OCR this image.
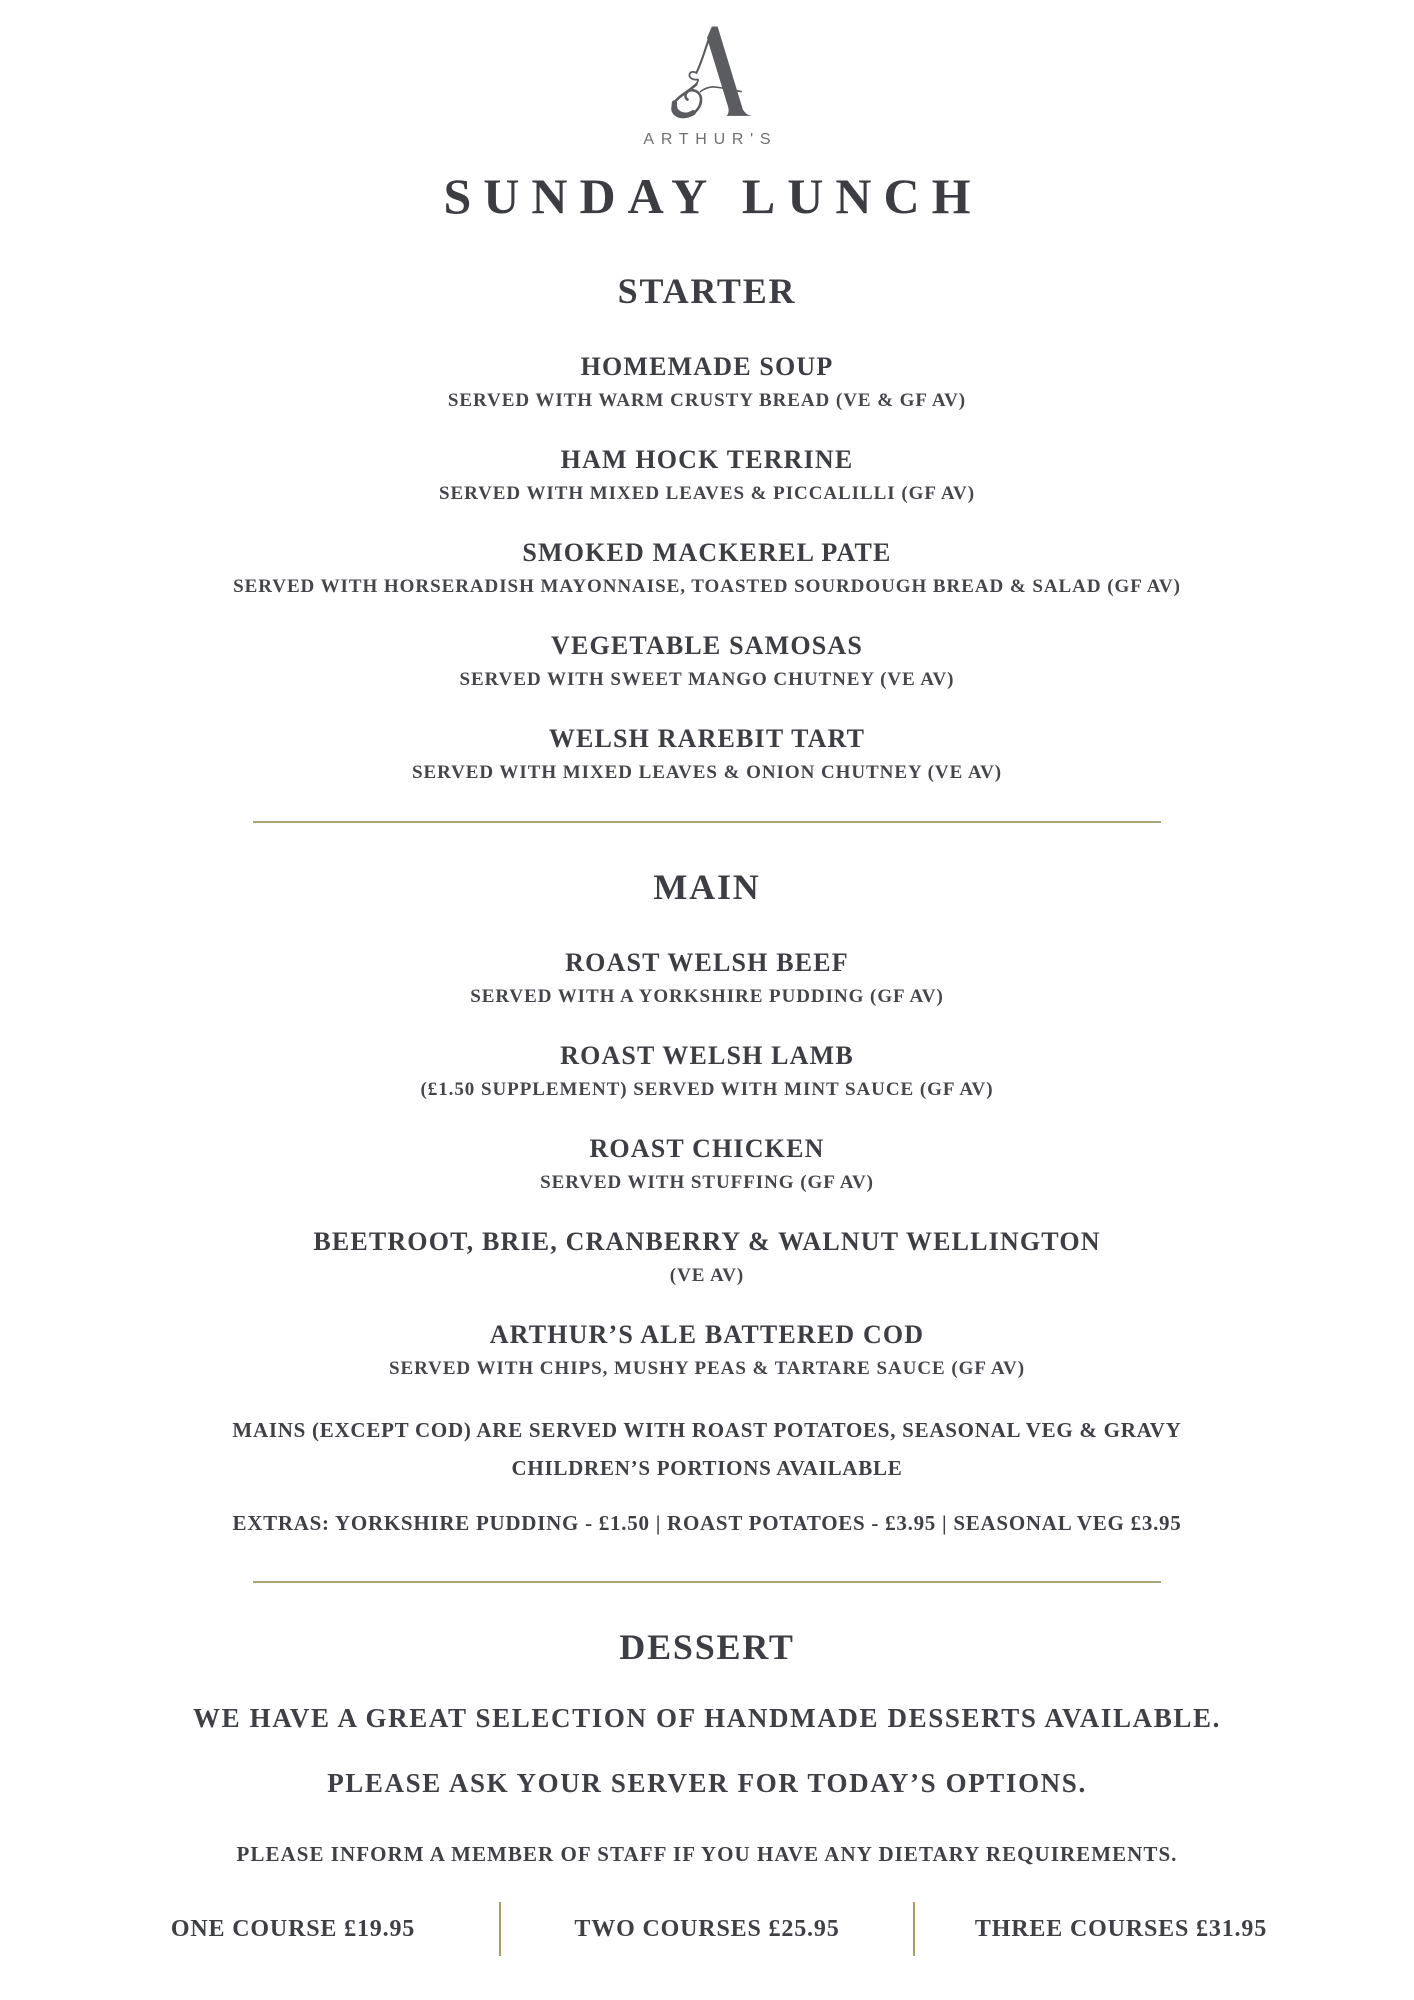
ARTHUR'S
SUNDAY LUNCH
STARTER
HOMEMADE SOUP
SERVED WITH WARM CRUSTY BREAD (VE & GF AV)
HAM HOCK TERRINE
SERVED WITH MIXED LEAVES & PICCALILLI (GF AV)
SMOKED MACKEREL PATE
SERVED WITH HORSERADISH MAYONNAISE, TOASTED SOURDOUGH BREAD & SALAD (GF AV)
VEGETABLE SAMOSAS
SERVED WITH SWEET MANGO CHUTNEY (VE AV)
WELSH RAREBIT TART
SERVED WITH MIXED LEAVES & ONION CHUTNEY (VE AV)
MAIN
ROAST WELSH BEEF
SERVED WITH A YORKSHIRE PUDDING (GF AV)
ROAST WELSH LAMB
(£1.50 SUPPLEMENT) SERVED WITH MINT SAUCE (GF AV)
ROAST CHICKEN
SERVED WITH STUFFING (GF AV)
BEETROOT, BRIE, CRANBERRY & WALNUT WELLINGTON
(VE AV)
ARTHUR’S ALE BATTERED COD
SERVED WITH CHIPS, MUSHY PEAS & TARTARE SAUCE (GF AV)
MAINS (EXCEPT COD) ARE SERVED WITH ROAST POTATOES, SEASONAL VEG & GRAVY
CHILDREN’S PORTIONS AVAILABLE
EXTRAS: YORKSHIRE PUDDING - £1.50 | ROAST POTATOES - £3.95 | SEASONAL VEG £3.95
DESSERT
WE HAVE A GREAT SELECTION OF HANDMADE DESSERTS AVAILABLE.
PLEASE ASK YOUR SERVER FOR TODAY’S OPTIONS.
PLEASE INFORM A MEMBER OF STAFF IF YOU HAVE ANY DIETARY REQUIREMENTS.
ONE COURSE £19.95	TWO COURSES £25.95	THREE COURSES £31.95
